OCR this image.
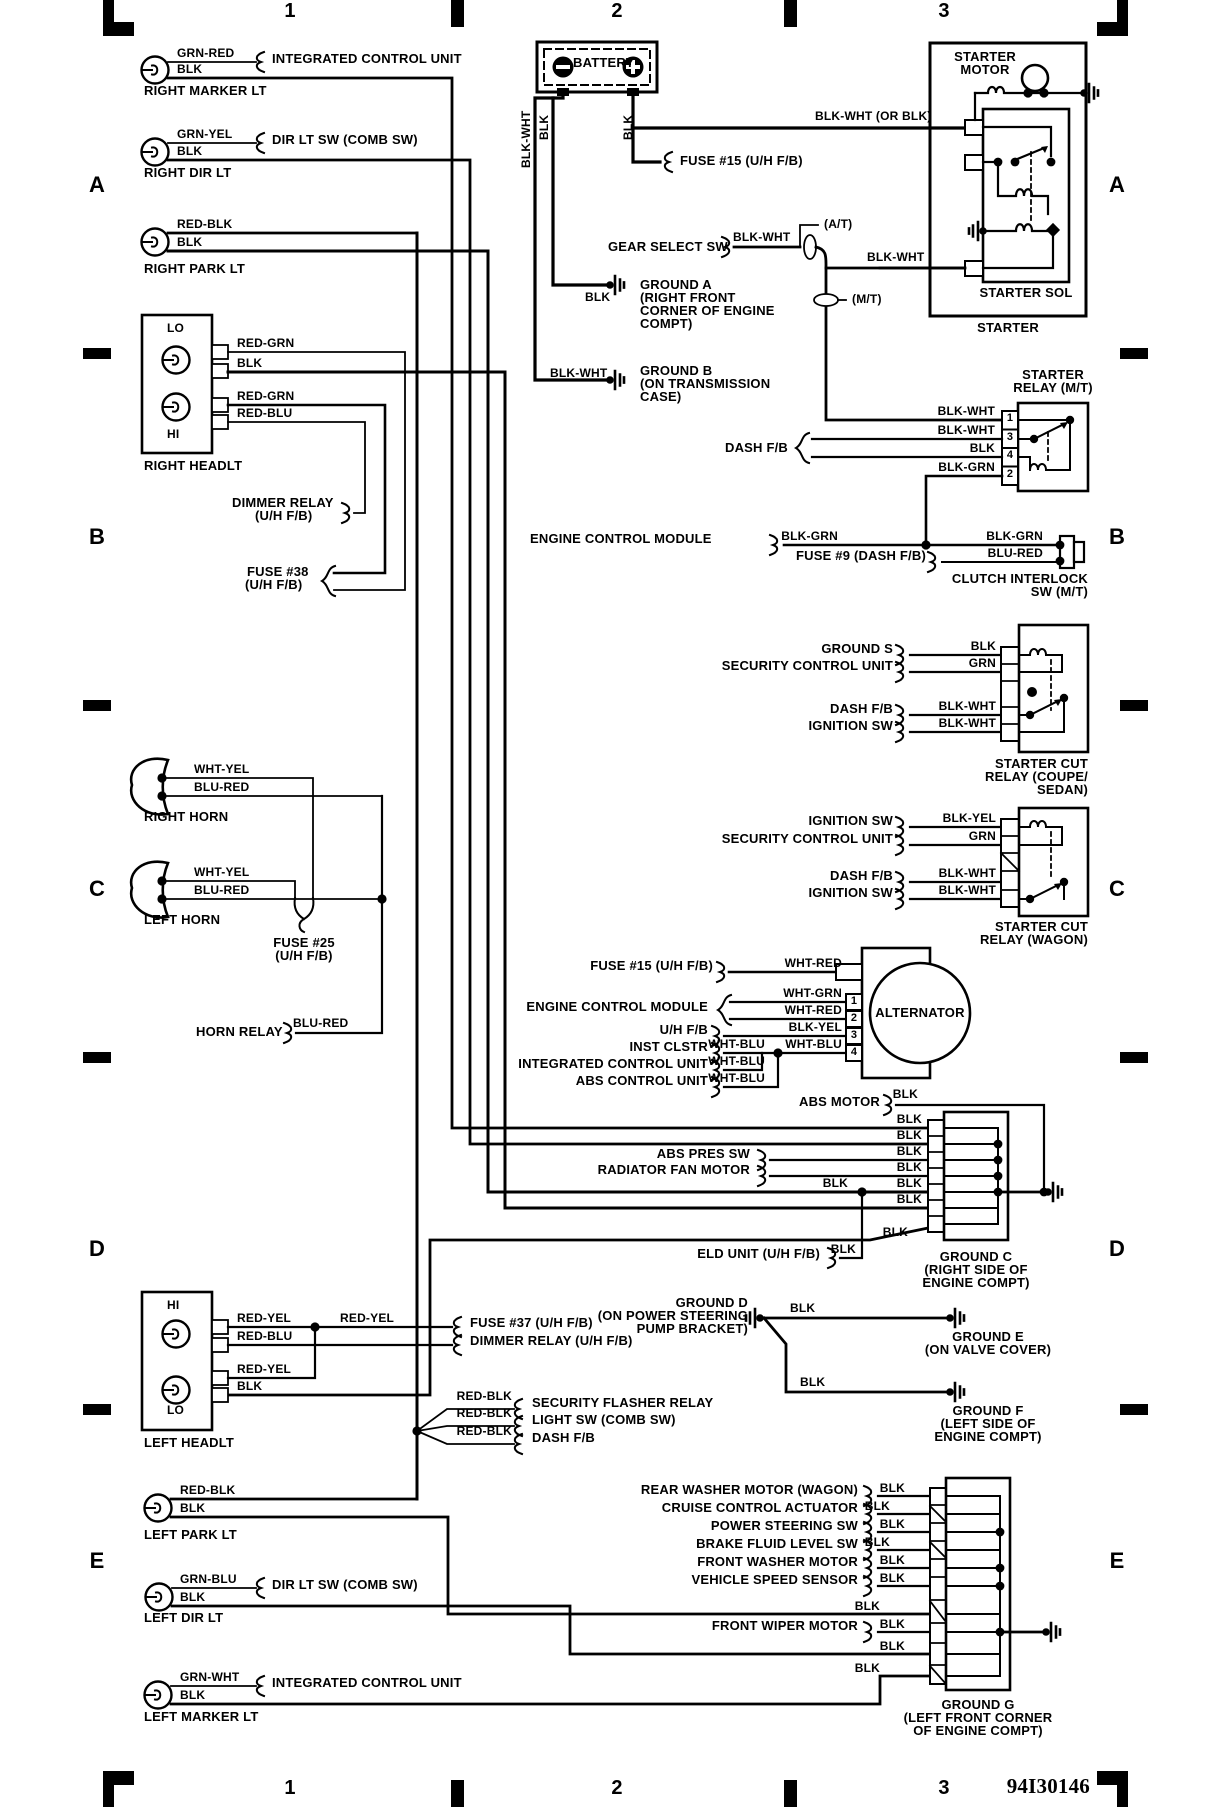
1	2	3
1	2	3
A
B
C
D
E
A
B
C
D
E
94I30146
GRN-RED
BLK
INTEGRATED CONTROL UNIT
RIGHT MARKER LT
GRN-YEL
BLK
DIR LT SW (COMB SW)
RIGHT DIR LT
RED-BLK
BLK
RIGHT PARK LT
LO
HI
RED-GRN
BLK
RED-GRN
RED-BLU
RIGHT HEADLT
DIMMER RELAY
(U/H F/B)
FUSE #38
(U/H F/B)
WHT-YEL
BLU-RED
RIGHT HORN
WHT-YEL
BLU-RED
LEFT HORN
FUSE #25
(U/H F/B)
HORN RELAY
BLU-RED
BATTERY
BLK-WHT BLK	BLK	BLK-WHT (OR BLK)
FUSE #15 (U/H F/B)
GEAR SELECT SW
BLK-WHT
(A/T)
BLK-WHT
(M/T)
BLK
GROUND A
(RIGHT FRONT
CORNER OF ENGINE
COMPT)
BLK-WHT	GROUND B
(ON TRANSMISSION
CASE)
STARTER
MOTOR
STARTER SOL
STARTER
STARTER
RELAY (M/T)
BLK-WHT
BLK-WHT
BLK
BLK-GRN
1
3
4
2
DASH F/B
ENGINE CONTROL MODULE	BLK-GRN	BLK-GRN
BLU-RED
FUSE #9 (DASH F/B)
CLUTCH INTERLOCK
SW (M/T)
GROUND S	BLK
SECURITY CONTROL UNIT	GRN
DASH F/B	BLK-WHT
IGNITION SW	BLK-WHT
STARTER CUT
RELAY (COUPE/
SEDAN)
IGNITION SW	BLK-YEL
SECURITY CONTROL UNIT	GRN
DASH F/B	BLK-WHT
IGNITION SW	BLK-WHT
STARTER CUT
RELAY (WAGON)
FUSE #15 (U/H F/B)	WHT-RED
ENGINE CONTROL MODULE
WHT-GRN
WHT-RED
U/H F/B	BLK-YEL
INST CLSTR WHT-BLU WHT-BLU
INTEGRATED CONTROL UNIT WHT-BLU
ABS CONTROL UNIT WHT-BLU
ALTERNATOR
1
2
3
4
ABS MOTOR BLK
BLK
BLK
BLK
BLK
BLK
BLK
BLK
BLK
ABS PRES SW
RADIATOR FAN MOTOR
BLK
ELD UNIT (U/H F/B)	GROUND C
(RIGHT SIDE OF
ENGINE COMPT)
GROUND D
(ON POWER STEERING
PUMP BRACKET)
BLK
GROUND E
(ON VALVE COVER)
BLK
GROUND F
(LEFT SIDE OF
ENGINE COMPT)
HI
LO
RED-YEL
RED-BLU
RED-YEL
RED-YEL
BLK
LEFT HEADLT
FUSE #37 (U/H F/B)
DIMMER RELAY (U/H F/B)
RED-BLK
RED-BLK
RED-BLK
SECURITY FLASHER RELAY
LIGHT SW (COMB SW)
DASH F/B
RED-BLK
BLK
LEFT PARK LT
GRN-BLU
BLK
DIR LT SW (COMB SW)
LEFT DIR LT
GRN-WHT
BLK
INTEGRATED CONTROL UNIT
LEFT MARKER LT
REAR WASHER MOTOR (WAGON)
CRUISE CONTROL ACTUATOR
POWER STEERING SW
BRAKE FLUID LEVEL SW
FRONT WASHER MOTOR
VEHICLE SPEED SENSOR
FRONT WIPER MOTOR
BLK
BLK
BLK
BLK
BLK
BLK
BLK
BLK
BLK
BLK
GROUND G
(LEFT FRONT CORNER
OF ENGINE COMPT)
